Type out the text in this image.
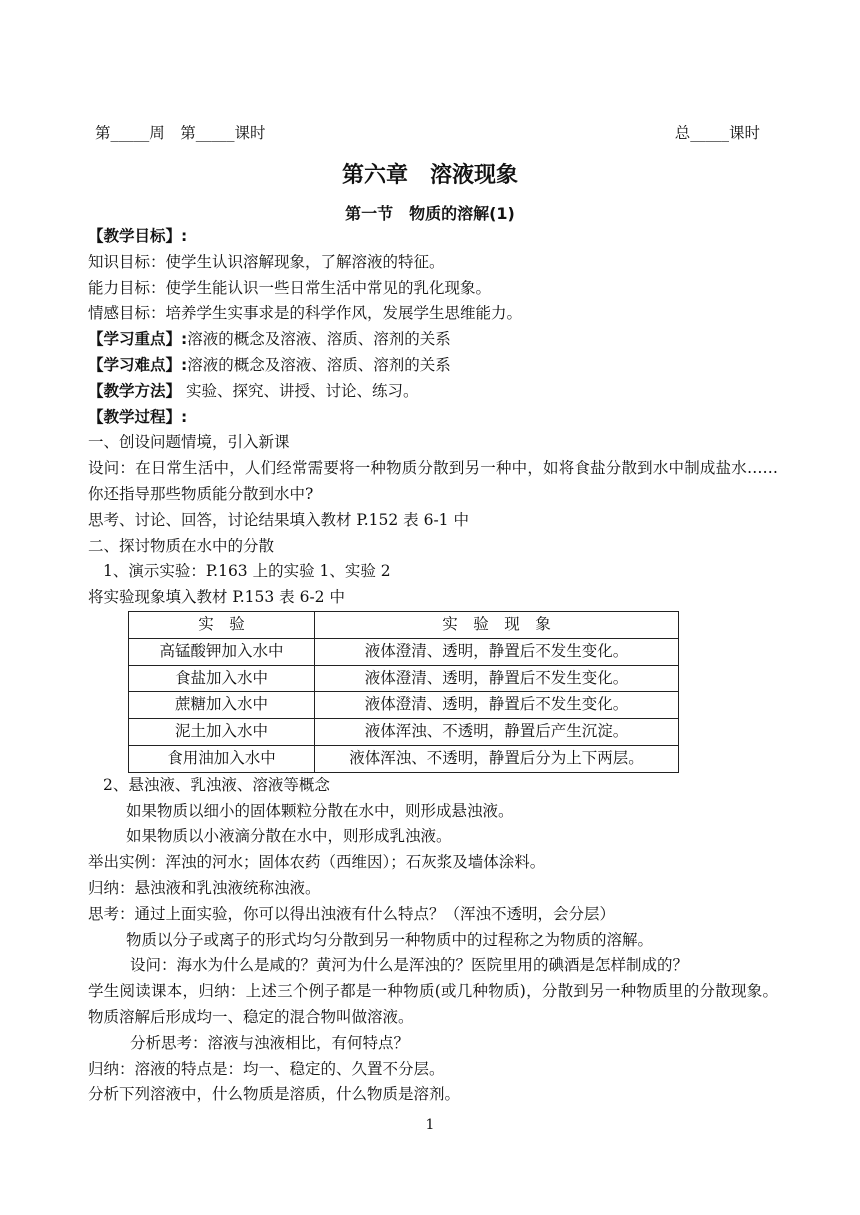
第_____周　第_____课时	总_____课时
第六章　溶液现象
第一节　物质的溶解(1)

【教学目标】:

知识目标：使学生认识溶解现象，了解溶液的特征。

能力目标：使学生能认识一些日常生活中常见的乳化现象。

情感目标：培养学生实事求是的科学作风，发展学生思维能力。

【学习重点】:溶液的概念及溶液、溶质、溶剂的关系

【学习难点】:溶液的概念及溶液、溶质、溶剂的关系

【教学方法】 实验、探究、讲授、讨论、练习。

【教学过程】:

一、创设问题情境，引入新课

设问：在日常生活中，人们经常需要将一种物质分散到另一种中，如将食盐分散到水中制成盐水……你还指导那些物质能分散到水中?

思考、讨论、回答，讨论结果填入教材 P.152 表 6-1 中

二、探讨物质在水中的分散

1、演示实验：P.163 上的实验 1、实验 2

将实验现象填入教材 P.153 表 6-2 中

实　验	实　验　现　象
高锰酸钾加入水中	液体澄清、透明，静置后不发生变化。
食盐加入水中	液体澄清、透明，静置后不发生变化。
蔗糖加入水中	液体澄清、透明，静置后不发生变化。
泥土加入水中	液体浑浊、不透明，静置后产生沉淀。
食用油加入水中	液体浑浊、不透明，静置后分为上下两层。

2、悬浊液、乳浊液、溶液等概念

如果物质以细小的固体颗粒分散在水中，则形成悬浊液。

如果物质以小液滴分散在水中，则形成乳浊液。

举出实例：浑浊的河水；固体农药（西维因）；石灰浆及墙体涂料。

归纳：悬浊液和乳浊液统称浊液。

思考：通过上面实验，你可以得出浊液有什么特点？（浑浊不透明，会分层）

物质以分子或离子的形式均匀分散到另一种物质中的过程称之为物质的溶解。

设问：海水为什么是咸的？黄河为什么是浑浊的？医院里用的碘酒是怎样制成的？

学生阅读课本，归纳：上述三个例子都是一种物质(或几种物质)，分散到另一种物质里的分散现象。物质溶解后形成均一、稳定的混合物叫做溶液。

分析思考：溶液与浊液相比，有何特点？

归纳：溶液的特点是：均一、稳定的、久置不分层。

分析下列溶液中，什么物质是溶质，什么物质是溶剂。

1
